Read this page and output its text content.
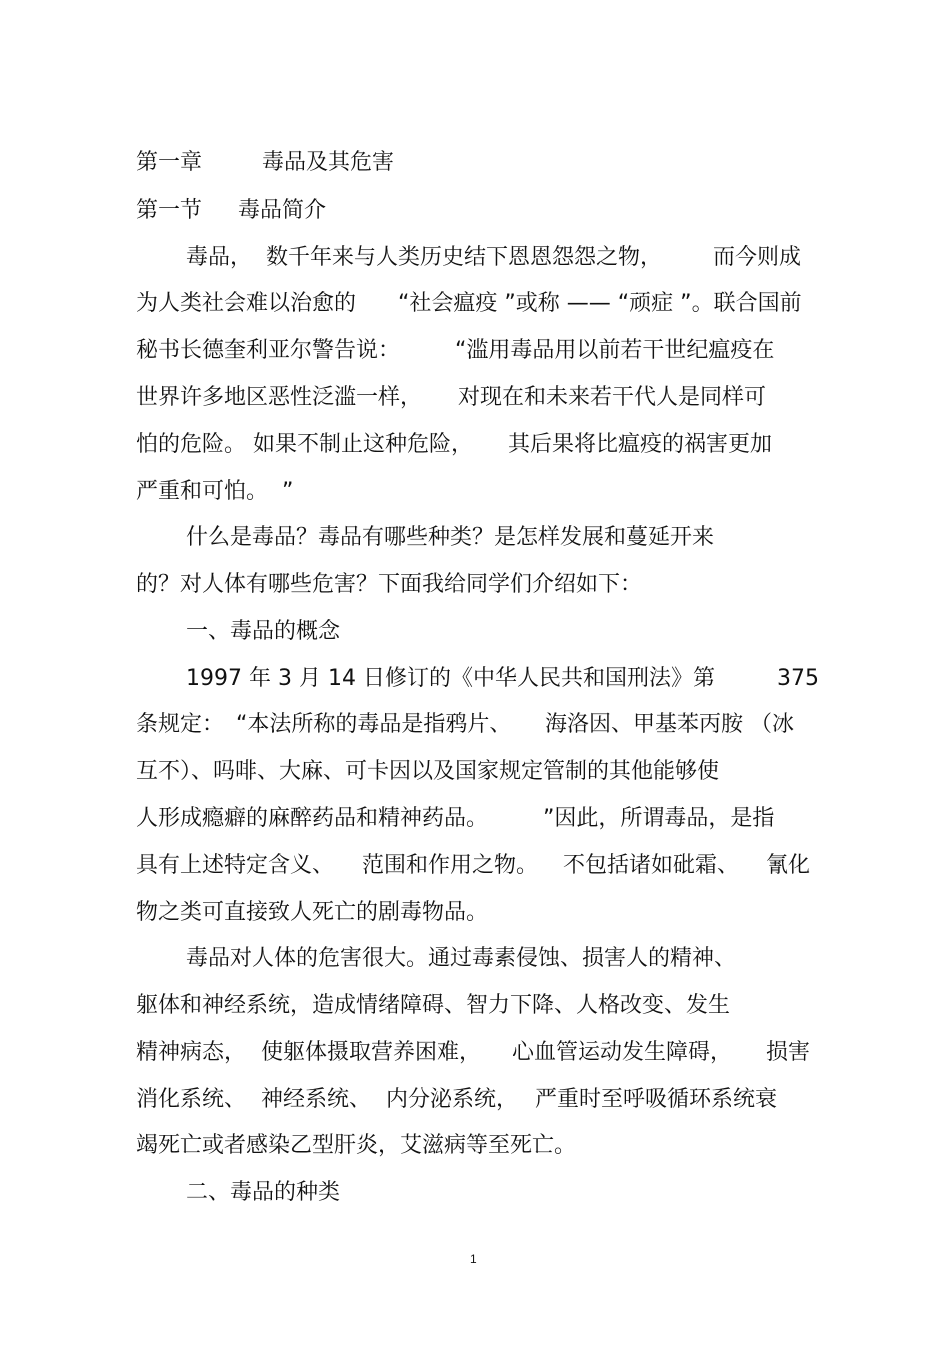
第一章	毒品及其危害
第一节 毒品简介
毒品，  数千年来与人类历史结下恩恩怨怨之物， 而今则成
为人类社会难以治愈的 “社会瘟疫 ”或称 —— “顽症 ”。联合国前
秘书长德奎利亚尔警告说： “滥用毒品用以前若干世纪瘟疫在
世界许多地区恶性泛滥一样， 对现在和未来若干代人是同样可
怕的危险。 如果不制止这种危险， 其后果将比瘟疫的祸害更加
严重和可怕。  ”
什么是毒品？毒品有哪些种类？是怎样发展和蔓延开来
的？对人体有哪些危害？下面我给同学们介绍如下：
一、毒品的概念
1997 年 3 月 14 日修订的《中华人民共和国刑法》第	375
条规定： “本法所称的毒品是指鸦片、 海洛因、甲基苯丙胺 （冰
互不）、吗啡、大麻、可卡因以及国家规定管制的其他能够使
人形成瘾癖的麻醉药品和精神药品。 ”因此，所谓毒品，是指
具有上述特定含义、 范围和作用之物。 不包括诸如砒霜、 氰化
物之类可直接致人死亡的剧毒物品。
毒品对人体的危害很大。通过毒素侵蚀、损害人的精神、
躯体和神经系统，造成情绪障碍、智力下降、人格改变、发生
精神病态， 使躯体摄取营养困难， 心血管运动发生障碍， 损害
消化系统、 神经系统、 内分泌系统， 严重时至呼吸循环系统衰
竭死亡或者感染乙型肝炎，艾滋病等至死亡。
二、毒品的种类
1
